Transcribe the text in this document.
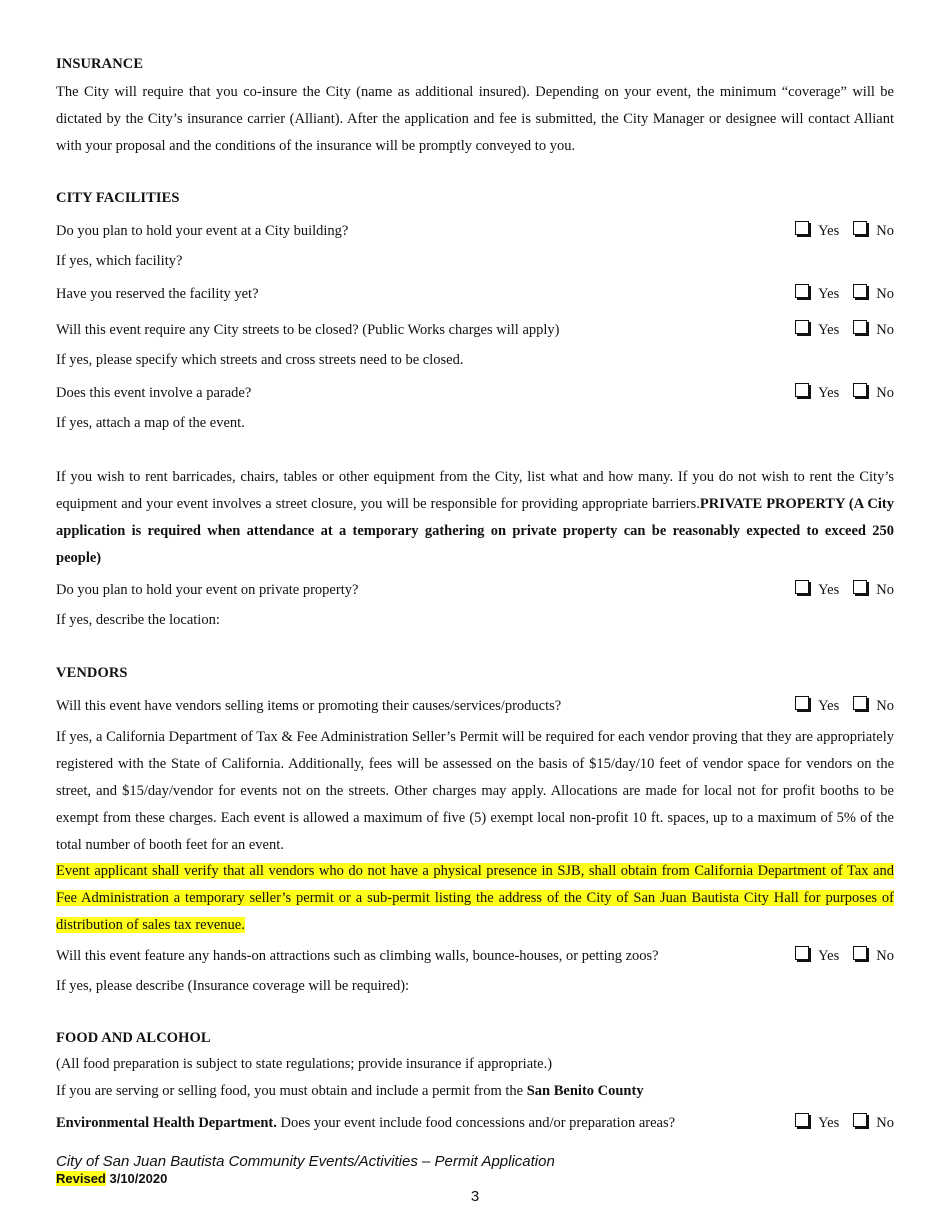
INSURANCE
The City will require that you co-insure the City (name as additional insured). Depending on your event, the minimum “coverage” will be dictated by the City’s insurance carrier (Alliant). After the application and fee is submitted, the City Manager or designee will contact Alliant with your proposal and the conditions of the insurance will be promptly conveyed to you.
CITY FACILITIES
Do you plan to hold your event at a City building?	Yes	No
If yes, which facility?
Have you reserved the facility yet?	Yes	No
Will this event require any City streets to be closed? (Public Works charges will apply)	Yes	No
If yes, please specify which streets and cross streets need to be closed.
Does this event involve a parade?	Yes	No
If yes, attach a map of the event.
If you wish to rent barricades, chairs, tables or other equipment from the City, list what and how many. If you do not wish to rent the City’s equipment and your event involves a street closure, you will be responsible for providing appropriate barriers.PRIVATE PROPERTY (A City application is required when attendance at a temporary gathering on private property can be reasonably expected to exceed 250 people)
Do you plan to hold your event on private property?	Yes	No
If yes, describe the location:
VENDORS
Will this event have vendors selling items or promoting their causes/services/products?	Yes	No
If yes, a California Department of Tax & Fee Administration Seller’s Permit will be required for each vendor proving that they are appropriately registered with the State of California. Additionally, fees will be assessed on the basis of $15/day/10 feet of vendor space for vendors on the street, and $15/day/vendor for events not on the streets. Other charges may apply. Allocations are made for local not for profit booths to be exempt from these charges. Each event is allowed a maximum of five (5) exempt local non-profit 10 ft. spaces, up to a maximum of 5% of the total number of booth feet for an event.
Event applicant shall verify that all vendors who do not have a physical presence in SJB, shall obtain from California Department of Tax and Fee Administration a temporary seller’s permit or a sub-permit listing the address of the City of San Juan Bautista City Hall for purposes of distribution of sales tax revenue.
Will this event feature any hands-on attractions such as climbing walls, bounce-houses, or petting zoos?	Yes	No
If yes, please describe (Insurance coverage will be required):
FOOD AND ALCOHOL
(All food preparation is subject to state regulations; provide insurance if appropriate.)
If you are serving or selling food, you must obtain and include a permit from the San Benito County
Environmental Health Department. Does your event include food concessions and/or preparation areas?	Yes	No
City of San Juan Bautista Community Events/Activities – Permit Application
Revised 3/10/2020
3
